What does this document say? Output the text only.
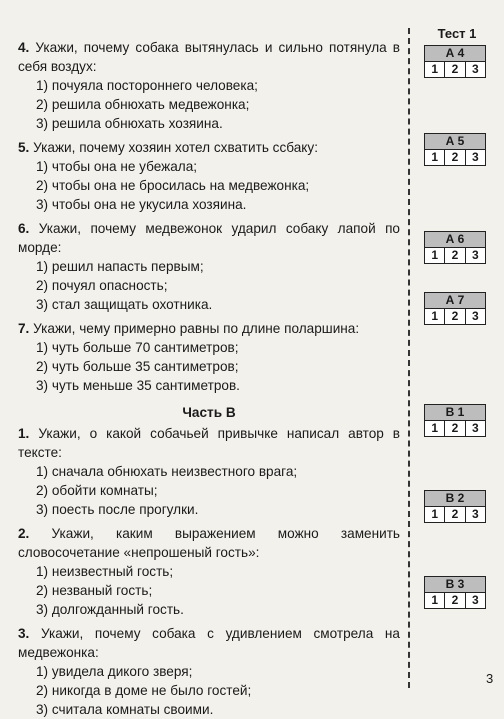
4. Укажи, почему собака вытянулась и сильно потянула в себя воздух:
1) почуяла постороннего человека;
2) решила обнюхать медвежонка;
3) решила обнюхать хозяина.
5. Укажи, почему хозяин хотел схватить ссбаку:
1) чтобы она не убежала;
2) чтобы она не бросилась на медвежонка;
3) чтобы она не укусила хозяина.
6. Укажи, почему медвежонок ударил собаку лапой по морде:
1) решил напасть первым;
2) почуял опасность;
3) стал защищать охотника.
7. Укажи, чему примерно равны по длине поларшина:
1) чуть больше 70 сантиметров;
2) чуть больше 35 сантиметров;
3) чуть меньше 35 сантиметров.
Часть В
1. Укажи, о какой собачьей привычке написал автор в тексте:
1) сначала обнюхать неизвестного врага;
2) обойти комнаты;
3) поесть после прогулки.
2. Укажи, каким выражением можно заменить словосочетание «непрошеный гость»:
1) неизвестный гость;
2) незваный гость;
3) долгожданный гость.
3. Укажи, почему собака с удивлением смотрела на медвежонка:
1) увидела дикого зверя;
2) никогда в доме не было гостей;
3) считала комнаты своими.
Тест 1
А 4
1	2	3
А 5
1	2	3
А 6
1	2	3
А 7
1	2	3
В 1
1	2	3
В 2
1	2	3
В 3
1	2	3
3
